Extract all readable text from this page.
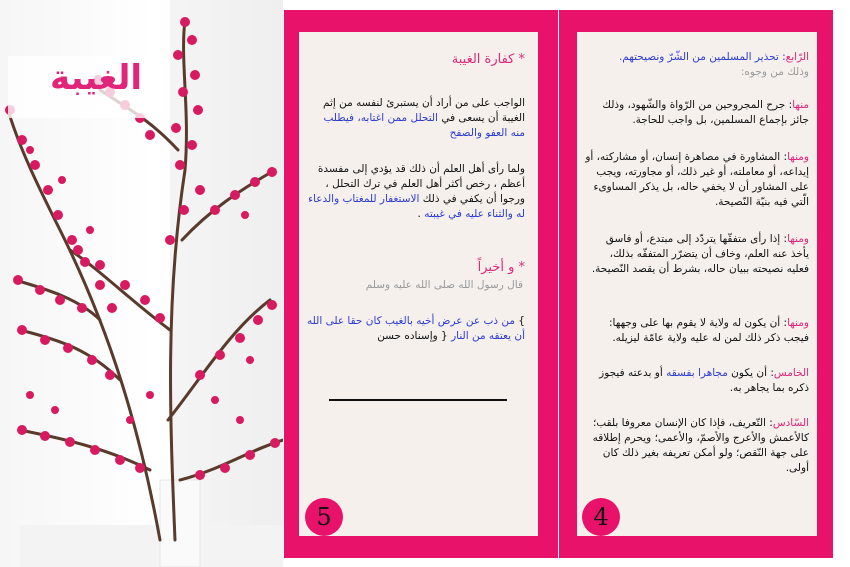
الغيبة	* كفارة الغيبة
الواجب على من أراد أن يستبرئ لنفسه من إثم الغيبة أن يسعى في التحلل ممن اغتابه، فيطلب منه العفو والصفح
ولما رأى أهل العلم أن ذلك قد يؤدي إلى مفسدة أعظم ، رخص أكثر أهل العلم في ترك التحلل ، ورجوا أن يكفي في ذلك الاستغفار للمغتاب والدعاء له والثناء عليه في غيبته .
* و أخيراً
قال رسول الله صلى الله عليه وسلم
} من ذب عن عرض أخيه بالغيب كان حقا على الله أن يعتقه من النار { وإسناده حسن
5
الرّابع: تحذير المسلمين من الشّرّ ونصيحتهم.
وذلك من وجوه:
منها: جرح المجروحين من الرّواة والشّهود، وذلك جائز بإجماع المسلمين، بل واجب للحاجة.
ومنها: المشاورة في مصاهرة إنسان، أو مشاركته، أو إيداعه، أو معاملته، أو غير ذلك، أو مجاورته، ويجب على المشاور أن لا يخفي حاله، بل يذكر المساوىء الّتي فيه بنيّة النّصيحة.
ومنها: إذا رأى متفقّها يتردّد إلى مبتدع، أو فاسق يأخذ عنه العلم، وخاف أن يتضرّر المتفقّه بذلك، فعليه نصيحته ببيان حاله، بشرط أن يقصد النّصيحة.
ومنها: أن يكون له ولاية لا يقوم بها على وجهها: فيجب ذكر ذلك لمن له عليه ولاية عامّة ليزيله.
الخامس: أن يكون مجاهرا بفسقه أو بدعته فيجوز ذكره بما يجاهر به.
السّادس: التّعريف، فإذا كان الإنسان معروفا بلقب؛ كالأعمش والأعرج والأصمّ، والأعمى؛ ويحرم إطلاقه على جهة النّقص؛ ولو أمكن تعريفه بغير ذلك كان أولى.
4
